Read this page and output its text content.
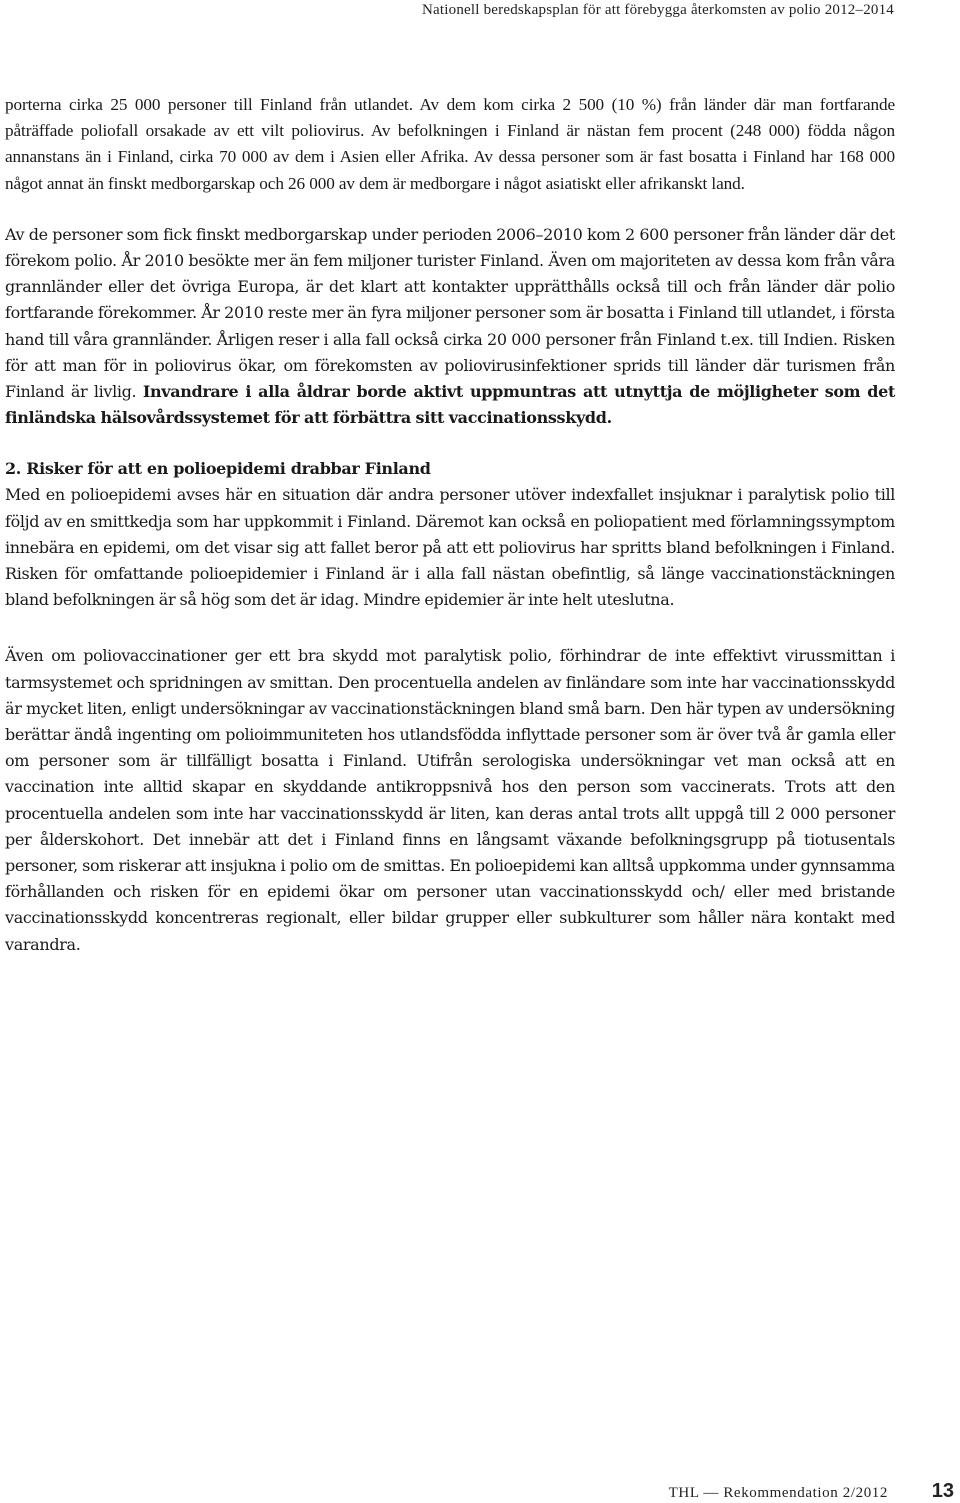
Nationell beredskapsplan för att förebygga återkomsten av polio 2012–2014

porterna cirka 25 000 personer till Finland från utlandet. Av dem kom cirka 2 500 (10 %) från länder där man fortfarande påträffade poliofall orsakade av ett vilt poliovirus. Av befolkningen i Finland är nästan fem procent (248 000) födda någon annanstans än i Finland, cirka 70 000 av dem i Asien eller Afrika. Av dessa personer som är fast bosatta i Finland har 168 000 något annat än finskt medborgarskap och 26 000 av dem är medborgare i något asiatiskt eller afrikanskt land.

Av de personer som fick finskt medborgarskap under perioden 2006–2010 kom 2 600 personer från länder där det förekom polio. År 2010 besökte mer än fem miljoner turister Finland. Även om majoriteten av dessa kom från våra grannländer eller det övriga Europa, är det klart att kontakter upprätthålls också till och från länder där polio fortfarande förekommer. År 2010 reste mer än fyra miljoner personer som är bosatta i Finland till utlandet, i första hand till våra grannländer. Årligen reser i alla fall också cirka 20 000 personer från Finland t.ex. till Indien. Risken för att man för in poliovirus ökar, om förekomsten av poliovirusinfektioner sprids till länder där turismen från Finland är livlig. Invandrare i alla åldrar borde aktivt uppmuntras att utnyttja de möjligheter som det finländska hälsovårdssystemet för att förbättra sitt vaccinationsskydd.

2. Risker för att en polioepidemi drabbar Finland

Med en polioepidemi avses här en situation där andra personer utöver indexfallet insjuknar i paralytisk polio till följd av en smittkedja som har uppkommit i Finland. Däremot kan också en poliopatient med förlamningssymptom innebära en epidemi, om det visar sig att fallet beror på att ett poliovirus har spritts bland befolkningen i Finland. Risken för omfattande polioepidemier i Finland är i alla fall nästan obefintlig, så länge vaccinationstäckningen bland befolkningen är så hög som det är idag. Mindre epidemier är inte helt uteslutna.

Även om poliovaccinationer ger ett bra skydd mot paralytisk polio, förhindrar de inte effektivt virussmittan i tarmsystemet och spridningen av smittan. Den procentuella andelen av finländare som inte har vaccinationsskydd är mycket liten, enligt undersökningar av vaccinationstäckningen bland små barn. Den här typen av undersökning berättar ändå ingenting om polioimmuniteten hos utlandsfödda inflyttade personer som är över två år gamla eller om personer som är tillfälligt bosatta i Finland. Utifrån serologiska undersökningar vet man också att en vaccination inte alltid skapar en skyddande antikroppsnivå hos den person som vaccinerats. Trots att den procentuella andelen som inte har vaccinationsskydd är liten, kan deras antal trots allt uppgå till 2 000 personer per ålderskohort. Det innebär att det i Finland finns en långsamt växande befolkningsgrupp på tiotusentals personer, som riskerar att insjukna i polio om de smittas. En polioepidemi kan alltså uppkomma under gynnsamma förhållanden och risken för en epidemi ökar om personer utan vaccinationsskydd och/ eller med bristande vaccinationsskydd koncentreras regionalt, eller bildar grupper eller subkulturer som håller nära kontakt med varandra.

THL — Rekommendation 2/2012 13
